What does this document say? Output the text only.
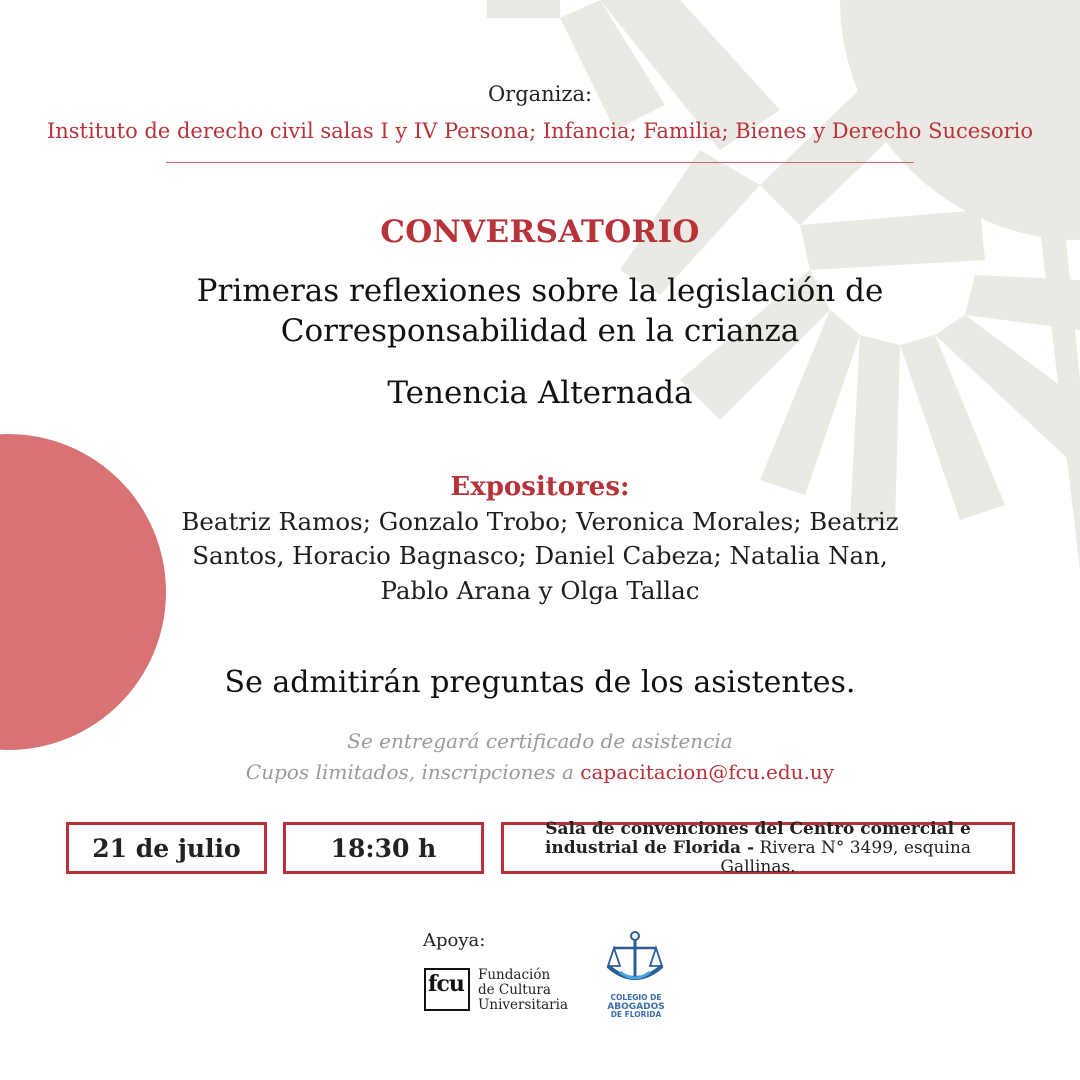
Organiza:
Instituto de derecho civil salas I y IV Persona; Infancia; Familia; Bienes y Derecho Sucesorio
CONVERSATORIO
Primeras reflexiones sobre la legislación de
Corresponsabilidad en la crianza
Tenencia Alternada
Expositores:
Beatriz Ramos; Gonzalo Trobo; Veronica Morales; Beatriz
Santos, Horacio Bagnasco; Daniel Cabeza; Natalia Nan,
Pablo Arana y Olga Tallac
Se admitirán preguntas de los asistentes.
Se entregará certificado de asistencia
Cupos limitados, inscripciones a capacitacion@fcu.edu.uy
21 de julio	18:30 h
Sala de convenciones del Centro comercial e industrial de Florida - Rivera N° 3499, esquina Gallinas.
Apoya:
fcu Fundación
de Cultura
Universitaria	COLEGIO DE
ABOGADOS
DE FLORIDA
